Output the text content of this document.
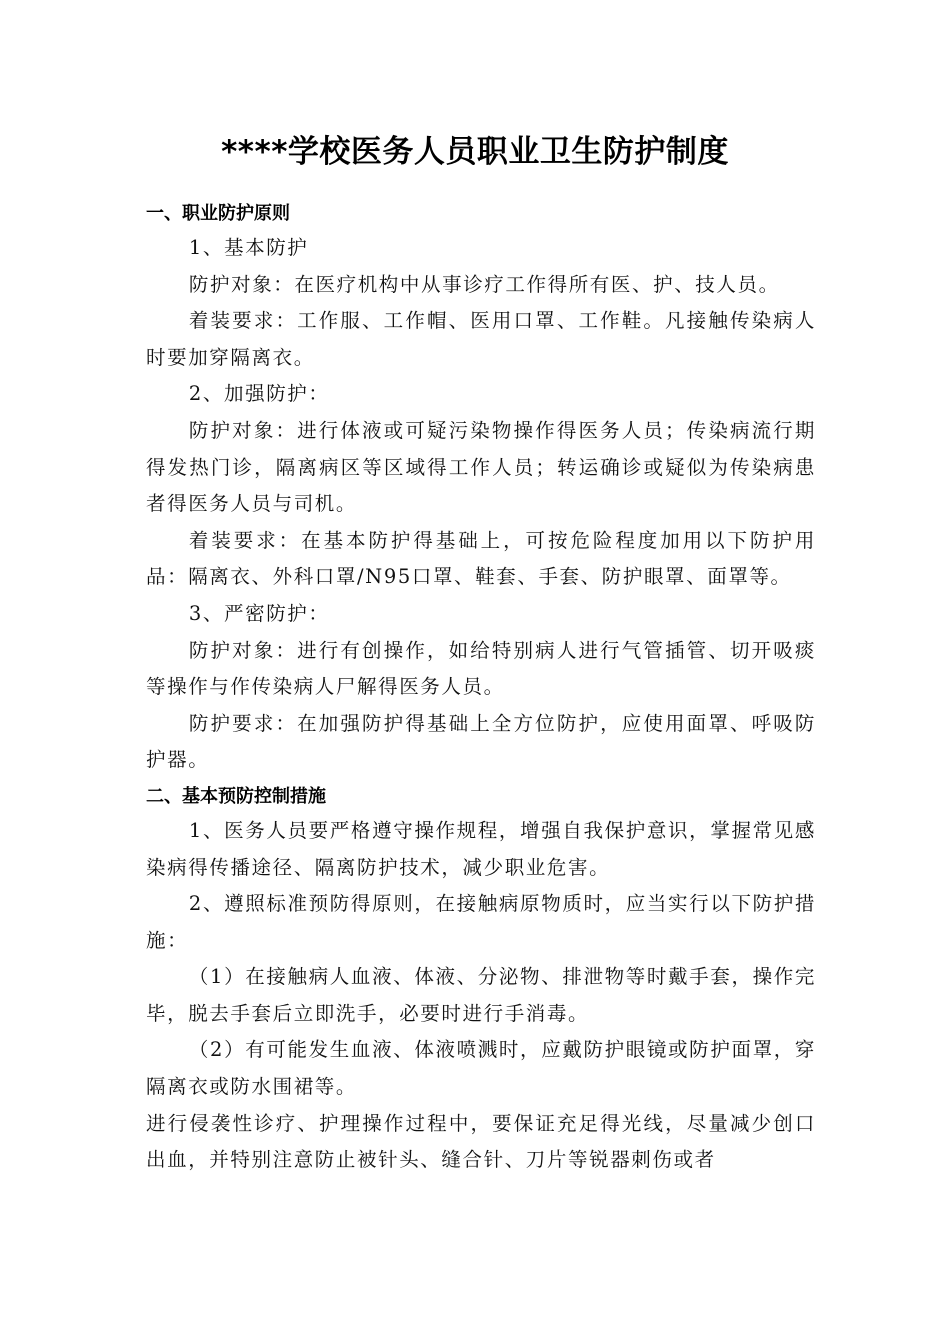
****学校医务人员职业卫生防护制度
一、职业防护原则

1、基本防护

防护对象：在医疗机构中从事诊疗工作得所有医、护、技人员。

着装要求：工作服、工作帽、医用口罩、工作鞋。凡接触传染病人时要加穿隔离衣。

2、加强防护：

防护对象：进行体液或可疑污染物操作得医务人员；传染病流行期得发热门诊，隔离病区等区域得工作人员；转运确诊或疑似为传染病患者得医务人员与司机。

着装要求：在基本防护得基础上，可按危险程度加用以下防护用品：隔离衣、外科口罩/N95口罩、鞋套、手套、防护眼罩、面罩等。

3、严密防护：

防护对象：进行有创操作，如给特别病人进行气管插管、切开吸痰等操作与作传染病人尸解得医务人员。

防护要求：在加强防护得基础上全方位防护，应使用面罩、呼吸防护器。

二、基本预防控制措施

1、医务人员要严格遵守操作规程，增强自我保护意识，掌握常见感染病得传播途径、隔离防护技术，减少职业危害。

2、遵照标准预防得原则，在接触病原物质时，应当实行以下防护措施：

（1）在接触病人血液、体液、分泌物、排泄物等时戴手套，操作完毕，脱去手套后立即洗手，必要时进行手消毒。

（2）有可能发生血液、体液喷溅时，应戴防护眼镜或防护面罩，穿隔离衣或防水围裙等。

进行侵袭性诊疗、护理操作过程中，要保证充足得光线，尽量减少创口出血，并特别注意防止被针头、缝合针、刀片等锐器刺伤或者
